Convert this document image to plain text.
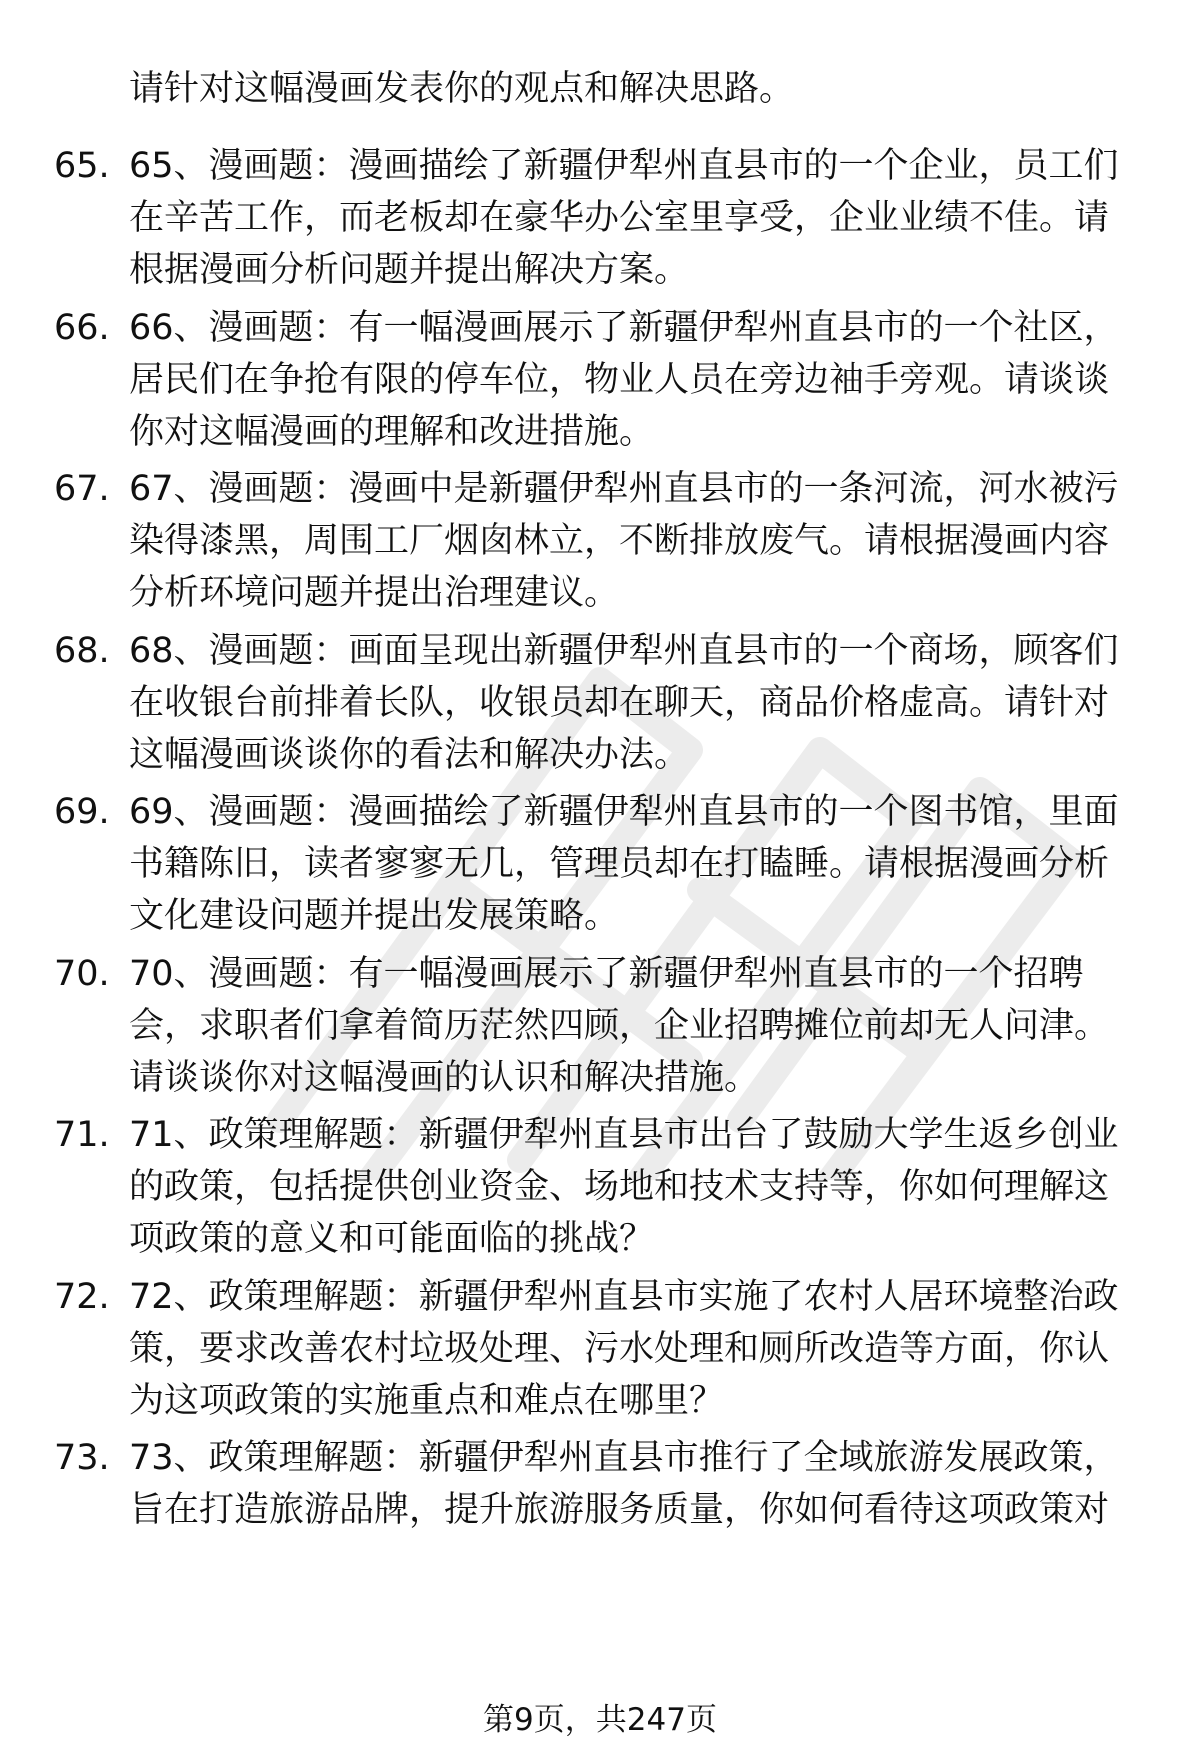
请针对这幅漫画发表你的观点和解决思路。
65. 65、漫画题：漫画描绘了新疆伊犁州直县市的一个企业，员工们
在辛苦工作，而老板却在豪华办公室里享受，企业业绩不佳。请
根据漫画分析问题并提出解决方案。
66. 66、漫画题：有一幅漫画展示了新疆伊犁州直县市的一个社区，
居民们在争抢有限的停车位，物业人员在旁边袖手旁观。请谈谈
你对这幅漫画的理解和改进措施。
67. 67、漫画题：漫画中是新疆伊犁州直县市的一条河流，河水被污
染得漆黑，周围工厂烟囱林立，不断排放废气。请根据漫画内容
分析环境问题并提出治理建议。
68. 68、漫画题：画面呈现出新疆伊犁州直县市的一个商场，顾客们
在收银台前排着长队，收银员却在聊天，商品价格虚高。请针对
这幅漫画谈谈你的看法和解决办法。
69. 69、漫画题：漫画描绘了新疆伊犁州直县市的一个图书馆，里面
书籍陈旧，读者寥寥无几，管理员却在打瞌睡。请根据漫画分析
文化建设问题并提出发展策略。
70. 70、漫画题：有一幅漫画展示了新疆伊犁州直县市的一个招聘
会，求职者们拿着简历茫然四顾，企业招聘摊位前却无人问津。
请谈谈你对这幅漫画的认识和解决措施。
71. 71、政策理解题：新疆伊犁州直县市出台了鼓励大学生返乡创业
的政策，包括提供创业资金、场地和技术支持等，你如何理解这
项政策的意义和可能面临的挑战？
72. 72、政策理解题：新疆伊犁州直县市实施了农村人居环境整治政
策，要求改善农村垃圾处理、污水处理和厕所改造等方面，你认
为这项政策的实施重点和难点在哪里？
73. 73、政策理解题：新疆伊犁州直县市推行了全域旅游发展政策，
旨在打造旅游品牌，提升旅游服务质量，你如何看待这项政策对
第9页，共247页
